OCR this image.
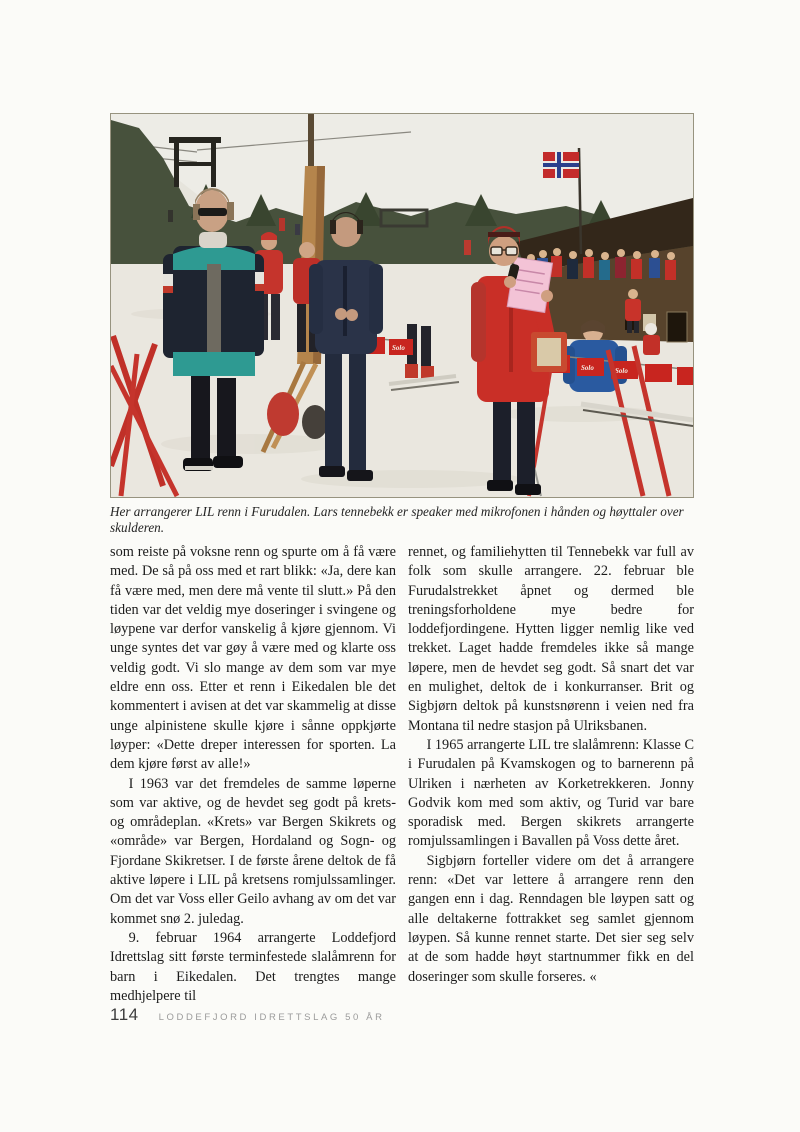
Solo
Solo	Solo
Her arrangerer LIL renn i Furudalen. Lars tennebekk er speaker med mikrofonen i hånden og høyttaler over skulderen.

som reiste på voksne renn og spurte om å få være med. De så på oss med et rart blikk: «Ja, dere kan få være med, men dere må vente til slutt.» På den tiden var det veldig mye doseringer i svingene og løypene var derfor vanskelig å kjøre gjennom. Vi unge syntes det var gøy å være med og klarte oss veldig godt. Vi slo mange av dem som var mye eldre enn oss. Etter et renn i Eikedalen ble det kommentert i avisen at det var skammelig at disse unge alpinistene skulle kjøre i sånne oppkjørte løyper: «Dette dreper interessen for sporten. La dem kjøre først av alle!»

I 1963 var det fremdeles de samme løperne som var aktive, og de hevdet seg godt på krets- og områdeplan. «Krets» var Bergen Skikrets og «område» var Bergen, Hordaland og Sogn- og Fjordane Skikretser. I de første årene deltok de få aktive løpere i LIL på kretsens romjulssamlinger. Om det var Voss eller Geilo avhang av om det var kommet snø 2. juledag.

9. februar 1964 arrangerte Loddefjord Idrettslag sitt første terminfestede slalåmrenn for barn i Eikedalen. Det trengtes mange medhjelpere til

rennet, og familiehytten til Tennebekk var full av folk som skulle arrangere. 22. februar ble Furudalstrekket åpnet og dermed ble treningsforholdene mye bedre for loddefjordingene. Hytten ligger nemlig like ved trekket. Laget hadde fremdeles ikke så mange løpere, men de hevdet seg godt. Så snart det var en mulighet, deltok de i konkurranser. Brit og Sigbjørn deltok på kunstsnørenn i veien ned fra Montana til nedre stasjon på Ulriksbanen.

I 1965 arrangerte LIL tre slalåmrenn: Klasse C i Furudalen på Kvamskogen og to barnerenn på Ulriken i nærheten av Korketrekkeren. Jonny Godvik kom med som aktiv, og Turid var bare sporadisk med. Bergen skikrets arrangerte romjulssamlingen i Bavallen på Voss dette året.

Sigbjørn forteller videre om det å arrangere renn: «Det var lettere å arrangere renn den gangen enn i dag. Renndagen ble løypen satt og alle deltakerne fottrakket seg samlet gjennom løypen. Så kunne rennet starte. Det sier seg selv at de som hadde høyt startnummer fikk en del doseringer som skulle forseres. «

114 LODDEFJORD IDRETTSLAG 50 ÅR
